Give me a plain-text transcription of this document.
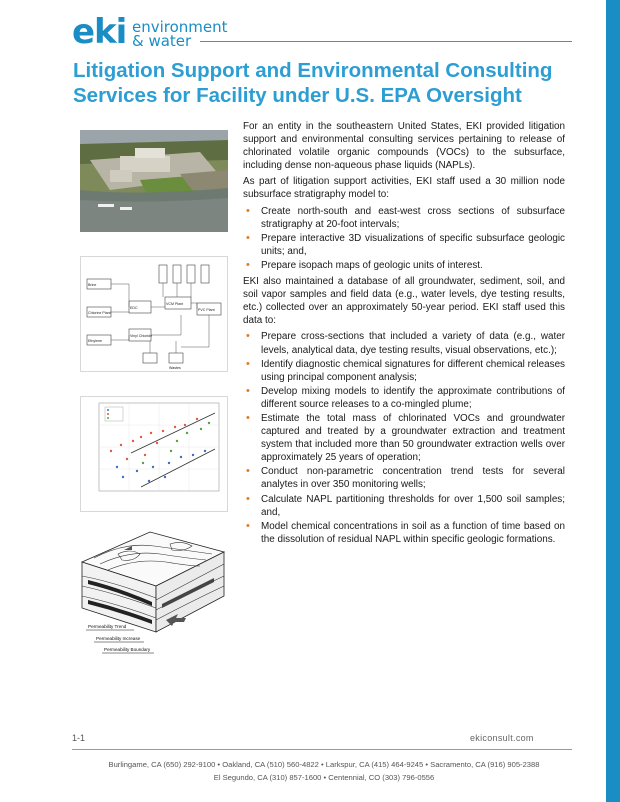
eki environment
& water
Litigation Support and Environmental Consulting Services for Facility under U.S. EPA Oversight
Brine
Chlorine Plant
Ethylene
EDC
VCM Plant
PVC Plant
Vinyl Chloride
Wastes
Permeability Trend
Permeability Increase
Permeability Boundary

For an entity in the southeastern United States, EKI provided litigation support and environmental consulting services pertaining to release of chlorinated volatile organic compounds (VOCs) to the subsurface, including dense non-aqueous phase liquids (NAPLs).

As part of litigation support activities, EKI staff used a 30 million node subsurface stratigraphy model to:

• Create north-south and east-west cross sections of subsurface stratigraphy at 20-foot intervals;
• Prepare interactive 3D visualizations of specific subsurface geologic units; and,
• Prepare isopach maps of geologic units of interest.

EKI also maintained a database of all groundwater, sediment, soil, and soil vapor samples and field data (e.g., water levels, dye testing results, etc.) collected over an approximately 50-year period. EKI staff used this data to:

• Prepare cross-sections that included a variety of data (e.g., water levels, analytical data, dye testing results, visual observations, etc.);
• Identify diagnostic chemical signatures for different chemical releases using principal component analysis;
• Develop mixing models to identify the approximate contributions of different source releases to a co-mingled plume;
• Estimate the total mass of chlorinated VOCs and groundwater captured and treated by a groundwater extraction and treatment system that included more than 50 groundwater extraction wells over approximately 25 years of operation;
• Conduct non-parametric concentration trend tests for several analytes in over 350 monitoring wells;
• Calculate NAPL partitioning thresholds for over 1,500 soil samples; and,
• Model chemical concentrations in soil as a function of time based on the dissolution of residual NAPL within specific geologic formations.
1-1	ekiconsult.com
Burlingame, CA (650) 292-9100 • Oakland, CA (510) 560-4822 • Larkspur, CA (415) 464-9245 • Sacramento, CA (916) 905-2388
El Segundo, CA (310) 857-1600 • Centennial, CO (303) 796-0556
